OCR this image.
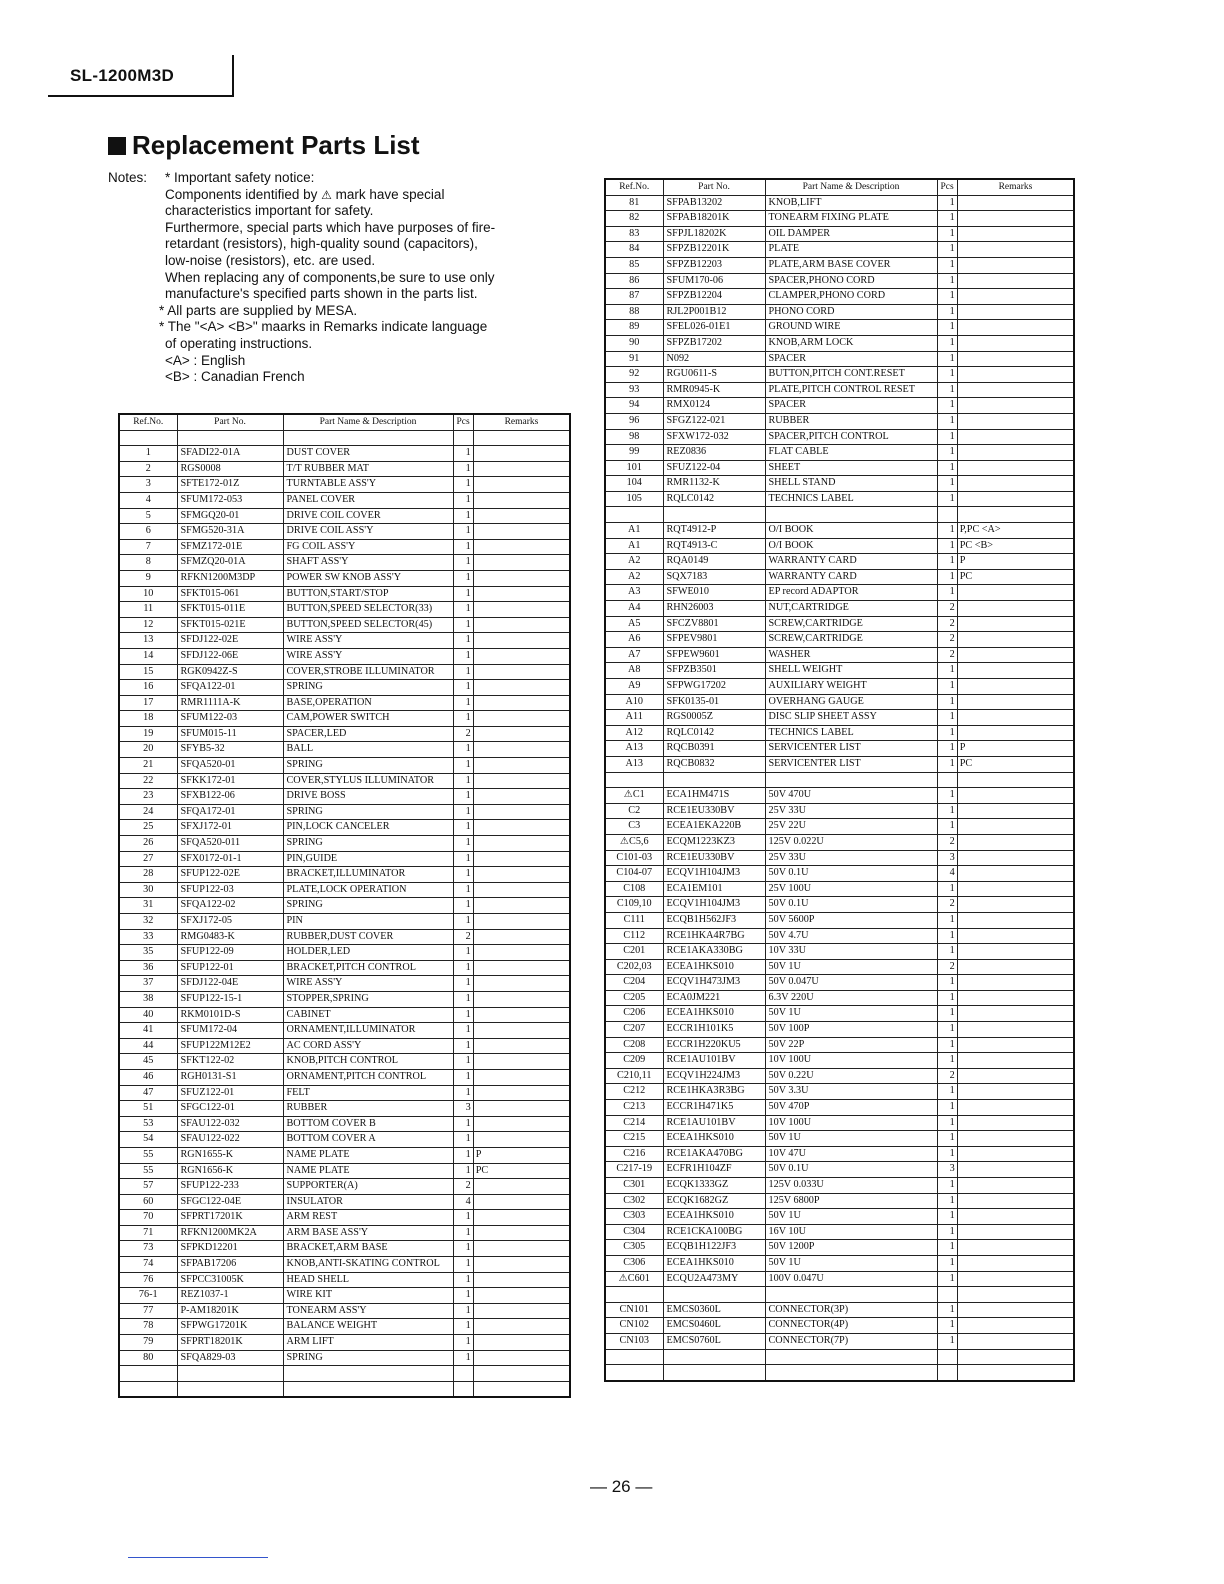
SL-1200M3D
Replacement Parts List
Notes: * Important safety notice:
Components identified by ⚠ mark have special
characteristics important for safety.
Furthermore, special parts which have purposes of fire-
retardant (resistors), high-quality sound (capacitors),
low-noise (resistors), etc. are used.
When replacing any of components,be sure to use only
manufacture's specified parts shown in the parts list.
* All parts are supplied by MESA.
* The "<A> <B>" maarks in Remarks indicate language
of operating instructions.
<A> : English
<B> : Canadian French
Ref.No.	Part No.	Part Name & Description	Pcs	Remarks

1	SFADI22-01A	DUST COVER	1	
2	RGS0008	T/T RUBBER MAT	1	
3	SFTE172-01Z	TURNTABLE ASS'Y	1	
4	SFUM172-053	PANEL COVER	1	
5	SFMGQ20-01	DRIVE COIL COVER	1	
6	SFMG520-31A	DRIVE COIL ASS'Y	1	
7	SFMZ172-01E	FG COIL ASS'Y	1	
8	SFMZQ20-01A	SHAFT ASS'Y	1	
9	RFKN1200M3DP	POWER SW KNOB ASS'Y	1	
10	SFKT015-061	BUTTON,START/STOP	1	
11	SFKT015-011E	BUTTON,SPEED SELECTOR(33)	1	
12	SFKT015-021E	BUTTON,SPEED SELECTOR(45)	1	
13	SFDJ122-02E	WIRE ASS'Y	1	
14	SFDJ122-06E	WIRE ASS'Y	1	
15	RGK0942Z-S	COVER,STROBE ILLUMINATOR	1	
16	SFQA122-01	SPRING	1	
17	RMR1111A-K	BASE,OPERATION	1	
18	SFUM122-03	CAM,POWER SWITCH	1	
19	SFUM015-11	SPACER,LED	2	
20	SFYB5-32	BALL	1	
21	SFQA520-01	SPRING	1	
22	SFKK172-01	COVER,STYLUS ILLUMINATOR	1	
23	SFXB122-06	DRIVE BOSS	1	
24	SFQA172-01	SPRING	1	
25	SFXJ172-01	PIN,LOCK CANCELER	1	
26	SFQA520-011	SPRING	1	
27	SFX0172-01-1	PIN,GUIDE	1	
28	SFUP122-02E	BRACKET,ILLUMINATOR	1	
30	SFUP122-03	PLATE,LOCK OPERATION	1	
31	SFQA122-02	SPRING	1	
32	SFXJ172-05	PIN	1	
33	RMG0483-K	RUBBER,DUST COVER	2	
35	SFUP122-09	HOLDER,LED	1	
36	SFUP122-01	BRACKET,PITCH CONTROL	1	
37	SFDJ122-04E	WIRE ASS'Y	1	
38	SFUP122-15-1	STOPPER,SPRING	1	
40	RKM0101D-S	CABINET	1	
41	SFUM172-04	ORNAMENT,ILLUMINATOR	1	
44	SFUP122M12E2	AC CORD ASS'Y	1	
45	SFKT122-02	KNOB,PITCH CONTROL	1	
46	RGH0131-S1	ORNAMENT,PITCH CONTROL	1	
47	SFUZ122-01	FELT	1	
51	SFGC122-01	RUBBER	3	
53	SFAU122-032	BOTTOM COVER B	1	
54	SFAU122-022	BOTTOM COVER A	1	
55	RGN1655-K	NAME PLATE	1	P
55	RGN1656-K	NAME PLATE	1	PC
57	SFUP122-233	SUPPORTER(A)	2	
60	SFGC122-04E	INSULATOR	4	
70	SFPRT17201K	ARM REST	1	
71	RFKN1200MK2A	ARM BASE ASS'Y	1	
73	SFPKD12201	BRACKET,ARM BASE	1	
74	SFPAB17206	KNOB,ANTI-SKATING CONTROL	1	
76	SFPCC31005K	HEAD SHELL	1	
76-1	REZ1037-1	WIRE KIT	1	
77	P-AM18201K	TONEARM ASS'Y	1	
78	SFPWG17201K	BALANCE WEIGHT	1	
79	SFPRT18201K	ARM LIFT	1	
80	SFQA829-03	SPRING	1	

Ref.No.	Part No.	Part Name & Description	Pcs	Remarks
81	SFPAB13202	KNOB,LIFT	1	
82	SFPAB18201K	TONEARM FIXING PLATE	1	
83	SFPJL18202K	OIL DAMPER	1	
84	SFPZB12201K	PLATE	1	
85	SFPZB12203	PLATE,ARM BASE COVER	1	
86	SFUM170-06	SPACER,PHONO CORD	1	
87	SFPZB12204	CLAMPER,PHONO CORD	1	
88	RJL2P001B12	PHONO CORD	1	
89	SFEL026-01E1	GROUND WIRE	1	
90	SFPZB17202	KNOB,ARM LOCK	1	
91	N092	SPACER	1	
92	RGU0611-S	BUTTON,PITCH CONT.RESET	1	
93	RMR0945-K	PLATE,PITCH CONTROL RESET	1	
94	RMX0124	SPACER	1	
96	SFGZ122-021	RUBBER	1	
98	SFXW172-032	SPACER,PITCH CONTROL	1	
99	REZ0836	FLAT CABLE	1	
101	SFUZ122-04	SHEET	1	
104	RMR1132-K	SHELL STAND	1	
105	RQLC0142	TECHNICS LABEL	1	

A1	RQT4912-P	O/I BOOK	1	P,PC <A>
A1	RQT4913-C	O/I BOOK	1	PC <B>
A2	RQA0149	WARRANTY CARD	1	P
A2	SQX7183	WARRANTY CARD	1	PC
A3	SFWE010	EP record ADAPTOR	1	
A4	RHN26003	NUT,CARTRIDGE	2	
A5	SFCZV8801	SCREW,CARTRIDGE	2	
A6	SFPEV9801	SCREW,CARTRIDGE	2	
A7	SFPEW9601	WASHER	2	
A8	SFPZB3501	SHELL WEIGHT	1	
A9	SFPWG17202	AUXILIARY WEIGHT	1	
A10	SFK0135-01	OVERHANG GAUGE	1	
A11	RGS0005Z	DISC SLIP SHEET ASSY	1	
A12	RQLC0142	TECHNICS LABEL	1	
A13	RQCB0391	SERVICENTER LIST	1	P
A13	RQCB0832	SERVICENTER LIST	1	PC

⚠C1	ECA1HM471S	50V 470U	1	
C2	RCE1EU330BV	25V 33U	1	
C3	ECEA1EKA220B	25V 22U	1	
⚠C5,6	ECQM1223KZ3	125V 0.022U	2	
C101-03	RCE1EU330BV	25V 33U	3	
C104-07	ECQV1H104JM3	50V 0.1U	4	
C108	ECA1EM101	25V 100U	1	
C109,10	ECQV1H104JM3	50V 0.1U	2	
C111	ECQB1H562JF3	50V 5600P	1	
C112	RCE1HKA4R7BG	50V 4.7U	1	
C201	RCE1AKA330BG	10V 33U	1	
C202,03	ECEA1HKS010	50V 1U	2	
C204	ECQV1H473JM3	50V 0.047U	1	
C205	ECA0JM221	6.3V 220U	1	
C206	ECEA1HKS010	50V 1U	1	
C207	ECCR1H101K5	50V 100P	1	
C208	ECCR1H220KU5	50V 22P	1	
C209	RCE1AU101BV	10V 100U	1	
C210,11	ECQV1H224JM3	50V 0.22U	2	
C212	RCE1HKA3R3BG	50V 3.3U	1	
C213	ECCR1H471K5	50V 470P	1	
C214	RCE1AU101BV	10V 100U	1	
C215	ECEA1HKS010	50V 1U	1	
C216	RCE1AKA470BG	10V 47U	1	
C217-19	ECFR1H104ZF	50V 0.1U	3	
C301	ECQK1333GZ	125V 0.033U	1	
C302	ECQK1682GZ	125V 6800P	1	
C303	ECEA1HKS010	50V 1U	1	
C304	RCE1CKA100BG	16V 10U	1	
C305	ECQB1H122JF3	50V 1200P	1	
C306	ECEA1HKS010	50V 1U	1	
⚠C601	ECQU2A473MY	100V 0.047U	1	

CN101	EMCS0360L	CONNECTOR(3P)	1	
CN102	EMCS0460L	CONNECTOR(4P)	1	
CN103	EMCS0760L	CONNECTOR(7P)	1	

— 26 —
